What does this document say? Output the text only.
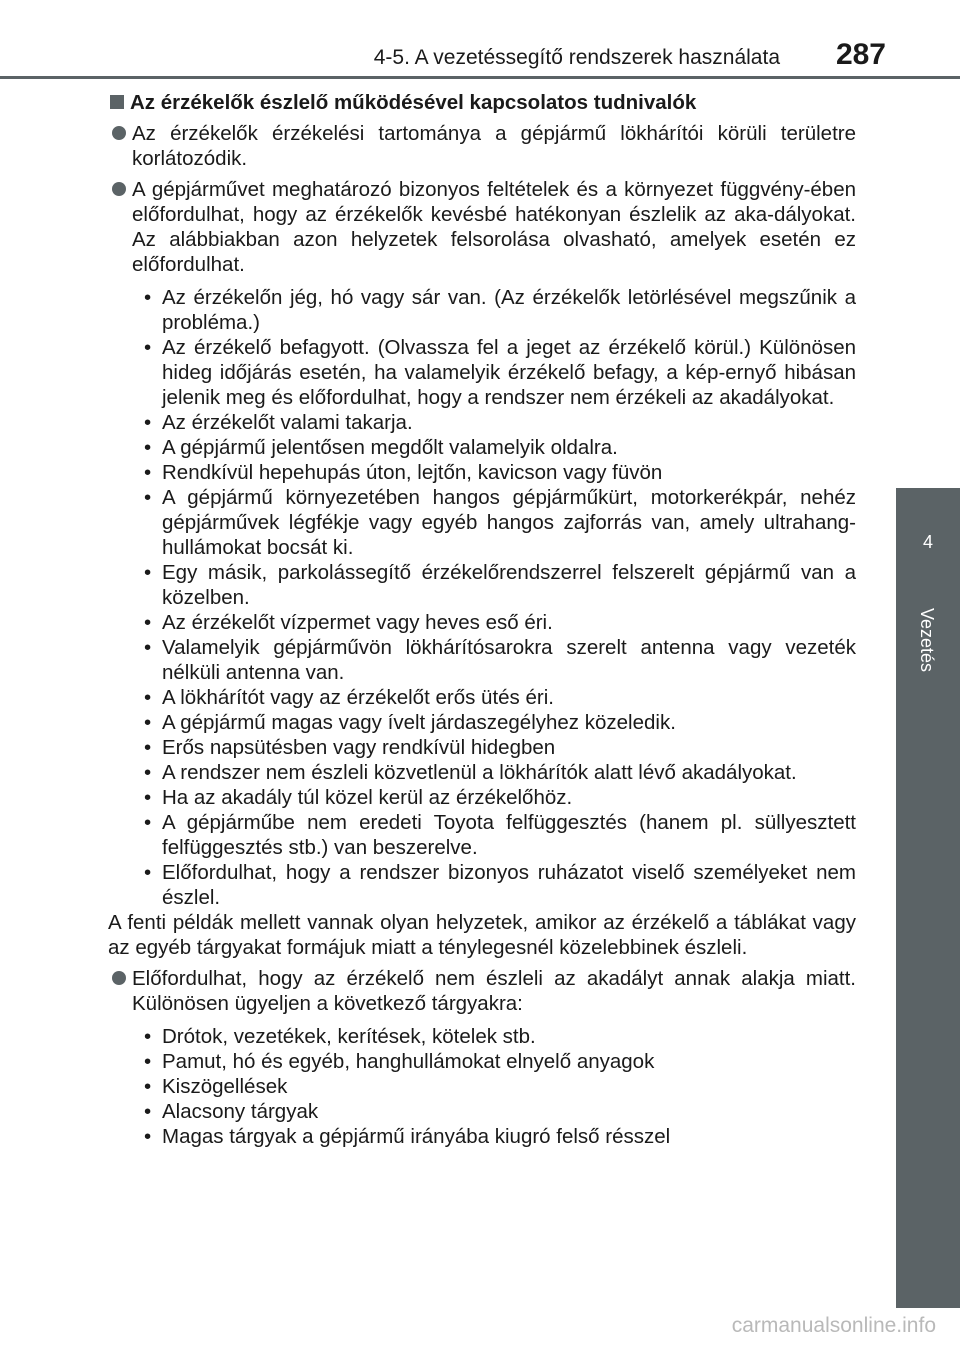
4-5. A vezetéssegítő rendszerek használata 287
4
Vezetés
Az érzékelők észlelő működésével kapcsolatos tudnivalók
Az érzékelők érzékelési tartománya a gépjármű lökhárítói körüli területre korlátozódik.
A gépjárművet meghatározó bizonyos feltételek és a környezet függvény-ében előfordulhat, hogy az érzékelők kevésbé hatékonyan észlelik az aka-dályokat. Az alábbiakban azon helyzetek felsorolása olvasható, amelyek esetén ez előfordulhat.
• Az érzékelőn jég, hó vagy sár van. (Az érzékelők letörlésével megszűnik a probléma.)
• Az érzékelő befagyott. (Olvassza fel a jeget az érzékelő körül.) Különösen hideg időjárás esetén, ha valamelyik érzékelő befagy, a kép-ernyő hibásan jelenik meg és előfordulhat, hogy a rendszer nem érzékeli az akadályokat.
• Az érzékelőt valami takarja.
• A gépjármű jelentősen megdőlt valamelyik oldalra.
• Rendkívül hepehupás úton, lejtőn, kavicson vagy füvön
• A gépjármű környezetében hangos gépjárműkürt, motorkerékpár, nehéz gépjárművek légfékje vagy egyéb hangos zajforrás van, amely ultrahang-hullámokat bocsát ki.
• Egy másik, parkolássegítő érzékelőrendszerrel felszerelt gépjármű van a közelben.
• Az érzékelőt vízpermet vagy heves eső éri.
• Valamelyik gépjárművön lökhárítósarokra szerelt antenna vagy vezeték nélküli antenna van.
• A lökhárítót vagy az érzékelőt erős ütés éri.
• A gépjármű magas vagy ívelt járdaszegélyhez közeledik.
• Erős napsütésben vagy rendkívül hidegben
• A rendszer nem észleli közvetlenül a lökhárítók alatt lévő akadályokat.
• Ha az akadály túl közel kerül az érzékelőhöz.
• A gépjárműbe nem eredeti Toyota felfüggesztés (hanem pl. süllyesztett felfüggesztés stb.) van beszerelve.
• Előfordulhat, hogy a rendszer bizonyos ruházatot viselő személyeket nem észlel.
A fenti példák mellett vannak olyan helyzetek, amikor az érzékelő a táblákat vagy az egyéb tárgyakat formájuk miatt a ténylegesnél közelebbinek észleli.
Előfordulhat, hogy az érzékelő nem észleli az akadályt annak alakja miatt. Különösen ügyeljen a következő tárgyakra:
• Drótok, vezetékek, kerítések, kötelek stb.
• Pamut, hó és egyéb, hanghullámokat elnyelő anyagok
• Kiszögellések
• Alacsony tárgyak
• Magas tárgyak a gépjármű irányába kiugró felső résszel
carmanualsonline.info
